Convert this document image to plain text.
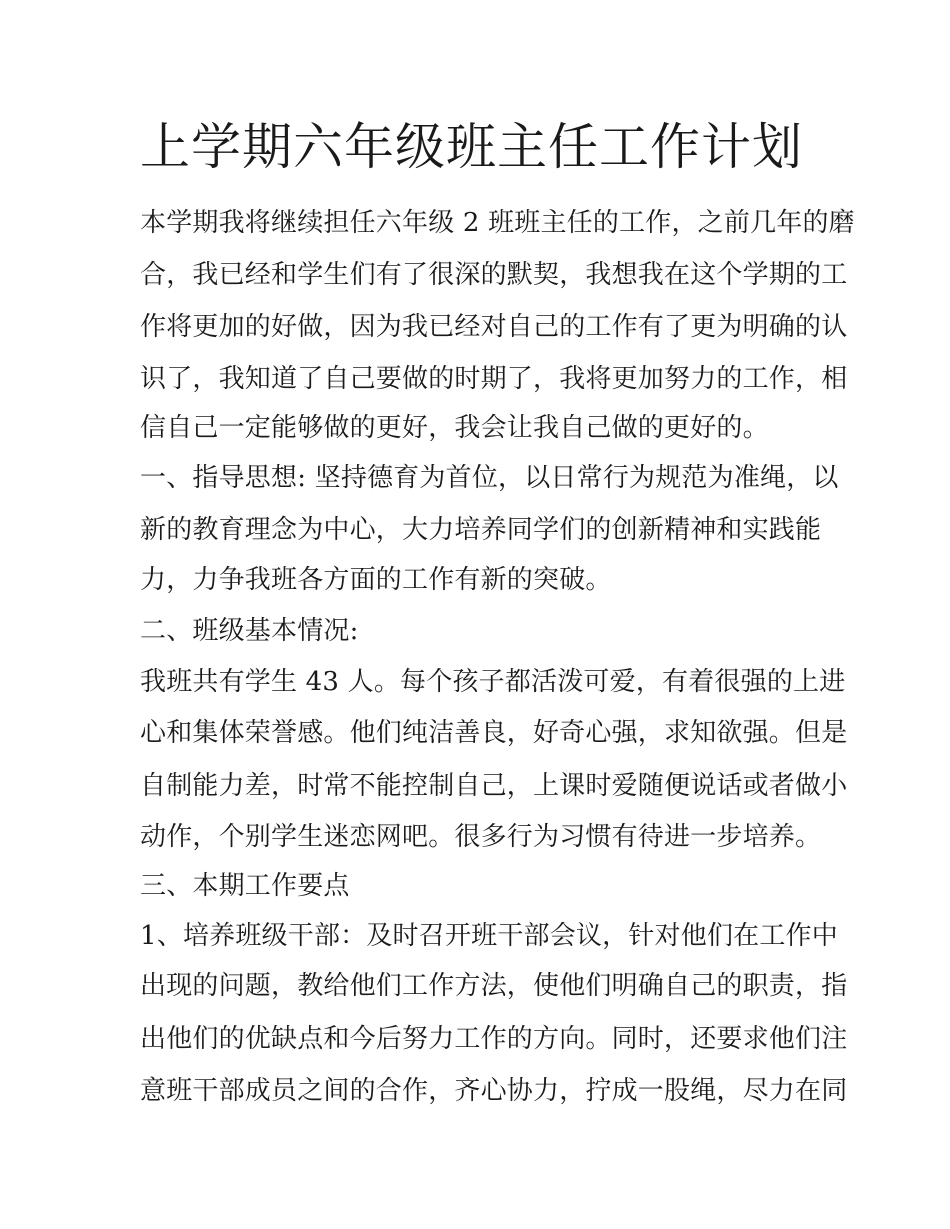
上学期六年级班主任工作计划

本学期我将继续担任六年级 2 班班主任的工作，之前几年的磨

合，我已经和学生们有了很深的默契，我想我在这个学期的工

作将更加的好做，因为我已经对自己的工作有了更为明确的认

识了，我知道了自己要做的时期了，我将更加努力的工作，相

信自己一定能够做的更好，我会让我自己做的更好的。

一、指导思想: 坚持德育为首位，以日常行为规范为准绳，以

新的教育理念为中心，大力培养同学们的创新精神和实践能

力，力争我班各方面的工作有新的突破。

二、班级基本情况:

我班共有学生 43 人。每个孩子都活泼可爱，有着很强的上进

心和集体荣誉感。他们纯洁善良，好奇心强，求知欲强。但是

自制能力差，时常不能控制自己，上课时爱随便说话或者做小

动作，个别学生迷恋网吧。很多行为习惯有待进一步培养。

三、本期工作要点

1、培养班级干部：及时召开班干部会议，针对他们在工作中

出现的问题，教给他们工作方法，使他们明确自己的职责，指

出他们的优缺点和今后努力工作的方向。同时，还要求他们注

意班干部成员之间的合作，齐心协力，拧成一股绳，尽力在同
